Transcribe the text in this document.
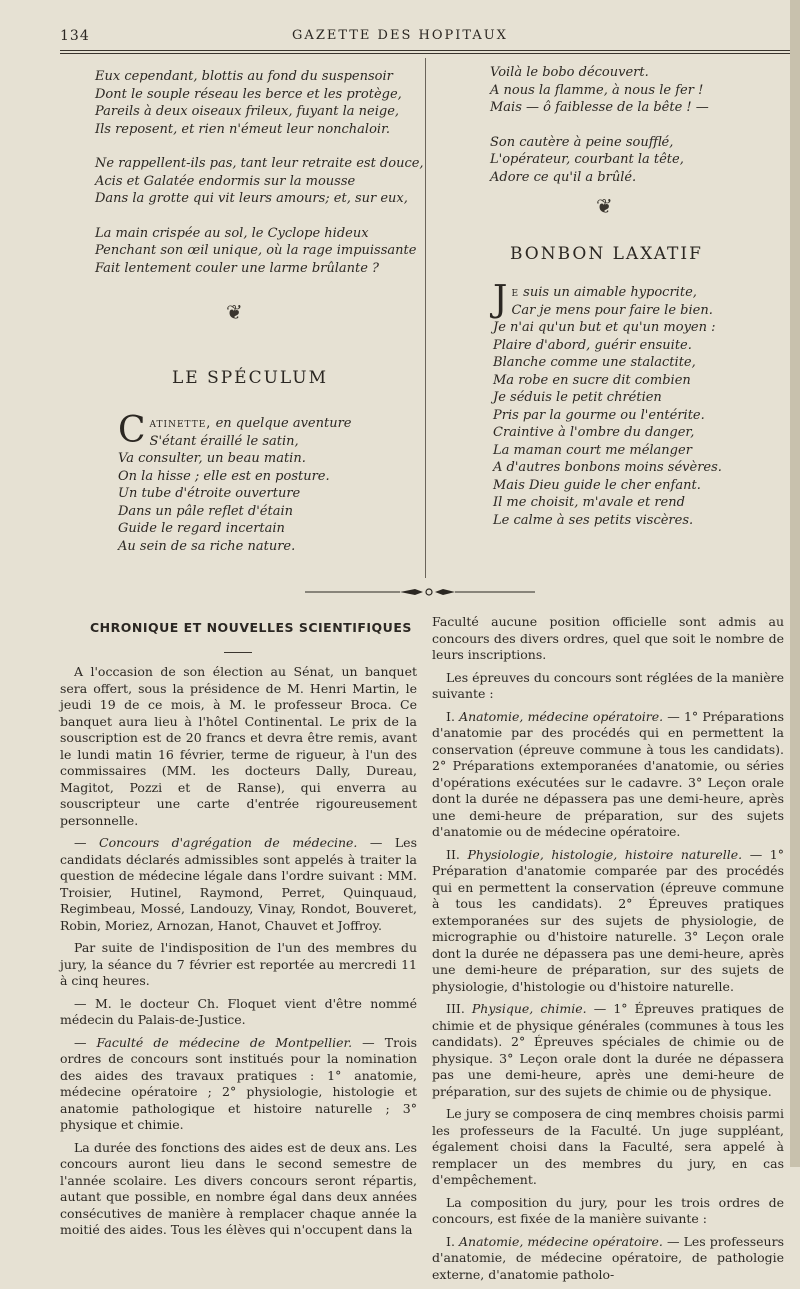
134	GAZETTE DES HOPITAUX
Eux cependant, blottis au fond du suspensoir
Dont le souple réseau les berce et les protège,
Pareils à deux oiseaux frileux, fuyant la neige,
Ils reposent, et rien n'émeut leur nonchaloir.
Ne rappellent-ils pas, tant leur retraite est douce,
Acis et Galatée endormis sur la mousse
Dans la grotte qui vit leurs amours; et, sur eux,
La main crispée au sol, le Cyclope hideux
Penchant son œil unique, où la rage impuissante
Fait lentement couler une larme brûlante ?
Voilà le bobo découvert.
A nous la flamme, à nous le fer !
Mais — ô faiblesse de la bête ! —
Son cautère à peine soufflé,
L'opérateur, courbant la tête,
Adore ce qu'il a brûlé.
❦
❦
LE SPÉCULUM
C atinette, en quelque aventure
S'étant éraillé le satin,
Va consulter, un beau matin.
On la hisse ; elle est en posture.
Un tube d'étroite ouverture
Dans un pâle reflet d'étain
Guide le regard incertain
Au sein de sa riche nature.
BONBON LAXATIF
J e suis un aimable hypocrite,
Car je mens pour faire le bien.
Je n'ai qu'un but et qu'un moyen :
Plaire d'abord, guérir ensuite.
Blanche comme une stalactite,
Ma robe en sucre dit combien
Je séduis le petit chrétien
Pris par la gourme ou l'entérite.
Craintive à l'ombre du danger,
La maman court me mélanger
A d'autres bonbons moins sévères.
Mais Dieu guide le cher enfant.
Il me choisit, m'avale et rend
Le calme à ses petits viscères.
CHRONIQUE ET NOUVELLES SCIENTIFIQUES

A l'occasion de son élection au Sénat, un banquet sera offert, sous la présidence de M. Henri Martin, le jeudi 19 de ce mois, à M. le professeur Broca. Ce banquet aura lieu à l'hôtel Continental. Le prix de la souscription est de 20 francs et devra être remis, avant le lundi matin 16 février, terme de rigueur, à l'un des commissaires (MM. les docteurs Dally, Dureau, Magitot, Pozzi et de Ranse), qui enverra au souscripteur une carte d'entrée rigoureusement personnelle.

— Concours d'agrégation de médecine. — Les candidats déclarés admissibles sont appelés à traiter la question de médecine légale dans l'ordre suivant : MM. Troisier, Hutinel, Raymond, Perret, Quinquaud, Regimbeau, Mossé, Landouzy, Vinay, Rondot, Bouveret, Robin, Moriez, Arnozan, Hanot, Chauvet et Joffroy.

Par suite de l'indisposition de l'un des membres du jury, la séance du 7 février est reportée au mercredi 11 à cinq heures.

— M. le docteur Ch. Floquet vient d'être nommé médecin du Palais-de-Justice.

— Faculté de médecine de Montpellier. — Trois ordres de concours sont institués pour la nomination des aides des travaux pratiques : 1° anatomie, médecine opératoire ; 2° physiologie, histologie et anatomie pathologique et histoire naturelle ; 3° physique et chimie.

La durée des fonctions des aides est de deux ans. Les concours auront lieu dans le second semestre de l'année scolaire. Les divers concours seront répartis, autant que possible, en nombre égal dans deux années consécutives de manière à remplacer chaque année la moitié des aides. Tous les élèves qui n'occupent dans la

Faculté aucune position officielle sont admis au concours des divers ordres, quel que soit le nombre de leurs inscriptions.

Les épreuves du concours sont réglées de la manière suivante :

I. Anatomie, médecine opératoire. — 1° Préparations d'anatomie par des procédés qui en permettent la conservation (épreuve commune à tous les candidats). 2° Préparations extemporanées d'anatomie, ou séries d'opérations exécutées sur le cadavre. 3° Leçon orale dont la durée ne dépassera pas une demi-heure, après une demi-heure de préparation, sur des sujets d'anatomie ou de médecine opératoire.

II. Physiologie, histologie, histoire naturelle. — 1° Préparation d'anatomie comparée par des procédés qui en permettent la conservation (épreuve commune à tous les candidats). 2° Épreuves pratiques extemporanées sur des sujets de physiologie, de micrographie ou d'histoire naturelle. 3° Leçon orale dont la durée ne dépassera pas une demi-heure, après une demi-heure de préparation, sur des sujets de physiologie, d'histologie ou d'histoire naturelle.

III. Physique, chimie. — 1° Épreuves pratiques de chimie et de physique générales (communes à tous les candidats). 2° Épreuves spéciales de chimie ou de physique. 3° Leçon orale dont la durée ne dépassera pas une demi-heure, après une demi-heure de préparation, sur des sujets de chimie ou de physique.

Le jury se composera de cinq membres choisis parmi les professeurs de la Faculté. Un juge suppléant, également choisi dans la Faculté, sera appelé à remplacer un des membres du jury, en cas d'empêchement.

La composition du jury, pour les trois ordres de concours, est fixée de la manière suivante :

I. Anatomie, médecine opératoire. — Les professeurs d'anatomie, de médecine opératoire, de pathologie externe, d'anatomie patholo-
